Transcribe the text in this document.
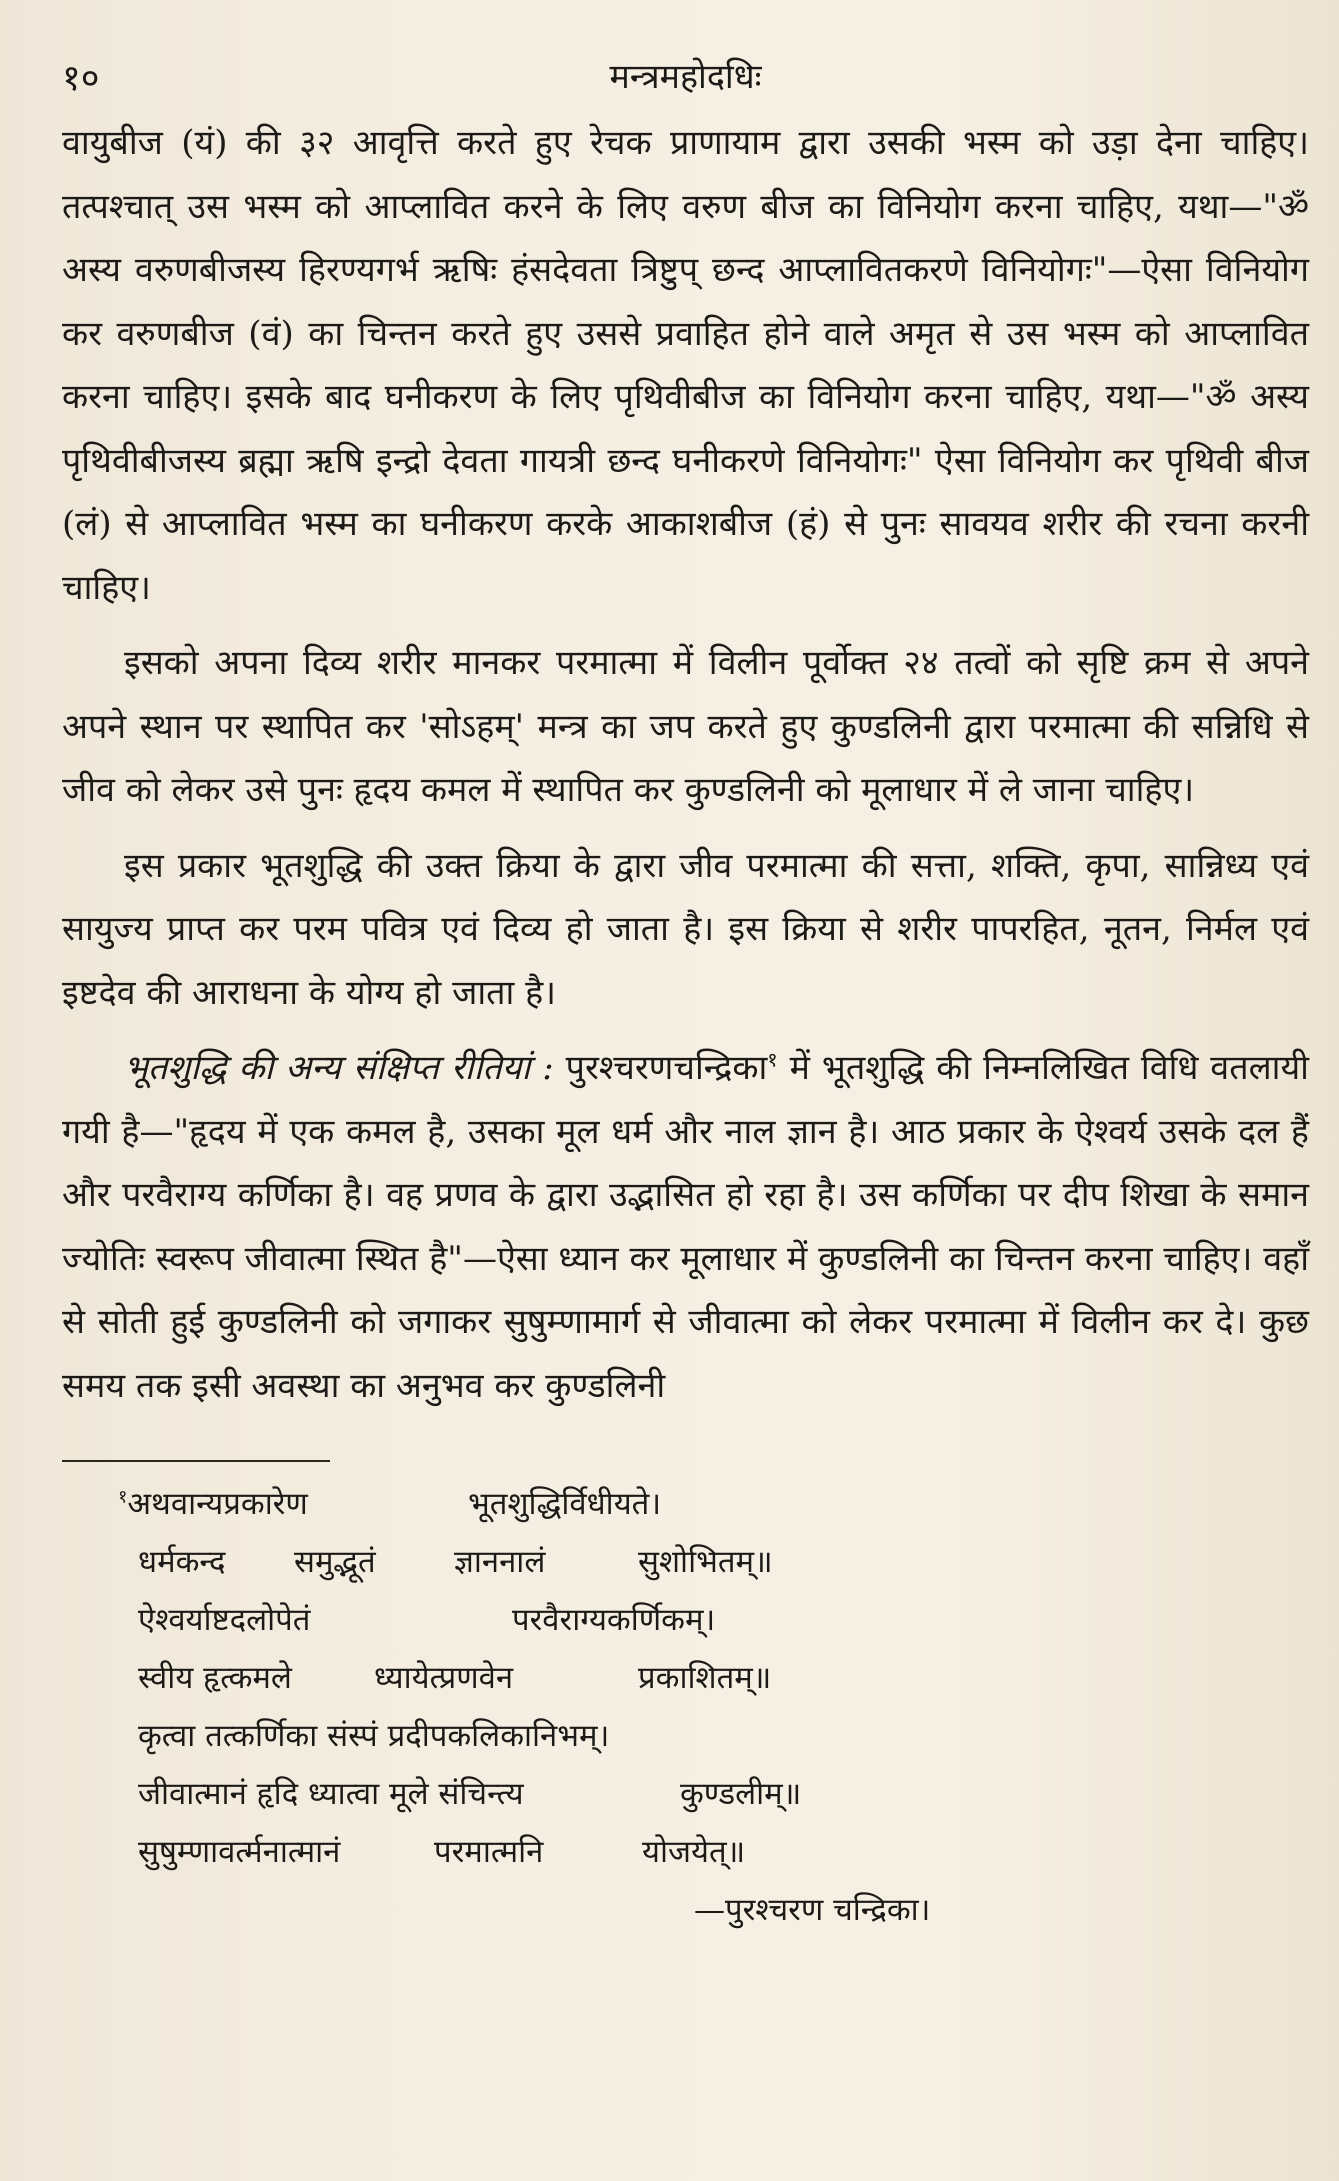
१०	मन्त्रमहोदधिः

वायुबीज (यं) की ३२ आवृत्ति करते हुए रेचक प्राणायाम द्वारा उसकी भस्म को उड़ा देना चाहिए। तत्पश्चात् उस भस्म को आप्लावित करने के लिए वरुण बीज का विनियोग करना चाहिए, यथा—"ॐ अस्य वरुणबीजस्य हिरण्यगर्भ ऋषिः हंसदेवता त्रिष्टुप् छन्द आप्लावितकरणे विनियोगः"—ऐसा विनियोग कर वरुणबीज (वं) का चिन्तन करते हुए उससे प्रवाहित होने वाले अमृत से उस भस्म को आप्लावित करना चाहिए। इसके बाद घनीकरण के लिए पृथिवीबीज का विनियोग करना चाहिए, यथा—"ॐ अस्य पृथिवीबीजस्य ब्रह्मा ऋषि इन्द्रो देवता गायत्री छन्द घनीकरणे विनियोगः" ऐसा विनियोग कर पृथिवी बीज (लं) से आप्लावित भस्म का घनीकरण करके आकाशबीज (हं) से पुनः सावयव शरीर की रचना करनी चाहिए।

इसको अपना दिव्य शरीर मानकर परमात्मा में विलीन पूर्वोक्त २४ तत्वों को सृष्टि क्रम से अपने अपने स्थान पर स्थापित कर 'सोऽहम्' मन्त्र का जप करते हुए कुण्डलिनी द्वारा परमात्मा की सन्निधि से जीव को लेकर उसे पुनः हृदय कमल में स्थापित कर कुण्डलिनी को मूलाधार में ले जाना चाहिए।

इस प्रकार भूतशुद्धि की उक्त क्रिया के द्वारा जीव परमात्मा की सत्ता, शक्ति, कृपा, सान्निध्य एवं सायुज्य प्राप्त कर परम पवित्र एवं दिव्य हो जाता है। इस क्रिया से शरीर पापरहित, नूतन, निर्मल एवं इष्टदेव की आराधना के योग्य हो जाता है।

भूतशुद्धि की अन्य संक्षिप्त रीतियां : पुरश्चरणचन्द्रिका$^१$ में भूतशुद्धि की निम्नलिखित विधि वतलायी गयी है—"हृदय में एक कमल है, उसका मूल धर्म और नाल ज्ञान है। आठ प्रकार के ऐश्वर्य उसके दल हैं और परवैराग्य कर्णिका है। वह प्रणव के द्वारा उद्भासित हो रहा है। उस कर्णिका पर दीप शिखा के समान ज्योतिः स्वरूप जीवात्मा स्थित है"—ऐसा ध्यान कर मूलाधार में कुण्डलिनी का चिन्तन करना चाहिए। वहाँ से सोती हुई कुण्डलिनी को जगाकर सुषुम्णामार्ग से जीवात्मा को लेकर परमात्मा में विलीन कर दे। कुछ समय तक इसी अवस्था का अनुभव कर कुण्डलिनी

$^१$अथवान्यप्रकारेण	भूतशुद्धिर्विधीयते।
धर्मकन्द समुद्भूतं	ज्ञाननालं	सुशोभितम्॥
ऐश्वर्याष्टदलोपेतं	परवैराग्यकर्णिकम्।
स्वीय हृत्कमले	ध्यायेत्प्रणवेन	प्रकाशितम्॥
कृत्वा तत्कर्णिका संस्पं प्रदीपकलिकानिभम्।
जीवात्मानं हृदि ध्यात्वा मूले संचिन्त्य	कुण्डलीम्॥
सुषुम्णावर्त्मनात्मानं	परमात्मनि	योजयेत्॥
—पुरश्चरण चन्द्रिका।
